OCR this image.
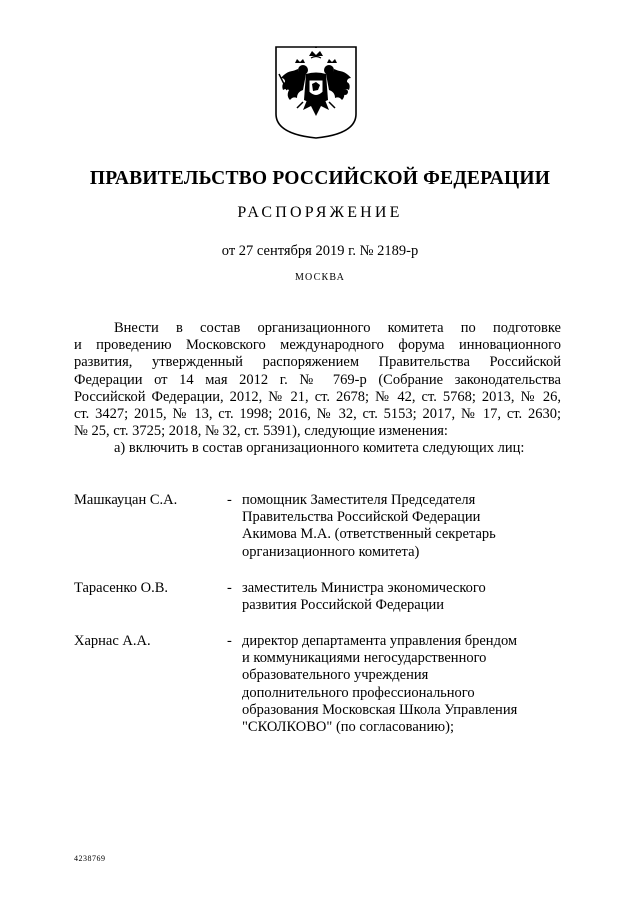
ПРАВИТЕЛЬСТВО РОССИЙСКОЙ ФЕДЕРАЦИИ
РАСПОРЯЖЕНИЕ
от 27 сентября 2019 г. № 2189-р
МОСКВА

Внести в состав организационного комитета по подготовке

и проведению Московского международного форума инновационного

развития, утвержденный распоряжением Правительства Российской

Федерации от 14 мая 2012 г. № 769-р (Собрание законодательства

Российской Федерации, 2012, № 21, ст. 2678; № 42, ст. 5768; 2013, № 26,

ст. 3427; 2015, № 13, ст. 1998; 2016, № 32, ст. 5153; 2017, № 17, ст. 2630;

№ 25, ст. 3725; 2018, № 32, ст. 5391), следующие изменения:

а) включить в состав организационного комитета следующих лиц:

Машкауцан С.А.	- помощник Заместителя Председателя
Правительства Российской Федерации
Акимова М.А. (ответственный секретарь
организационного комитета)
Тарасенко О.В.	- заместитель Министра экономического
развития Российской Федерации
Харнас А.А.	- директор департамента управления брендом
и коммуникациями негосударственного
образовательного учреждения
дополнительного профессионального
образования Московская Школа Управления
"СКОЛКОВО" (по согласованию);
4238769
